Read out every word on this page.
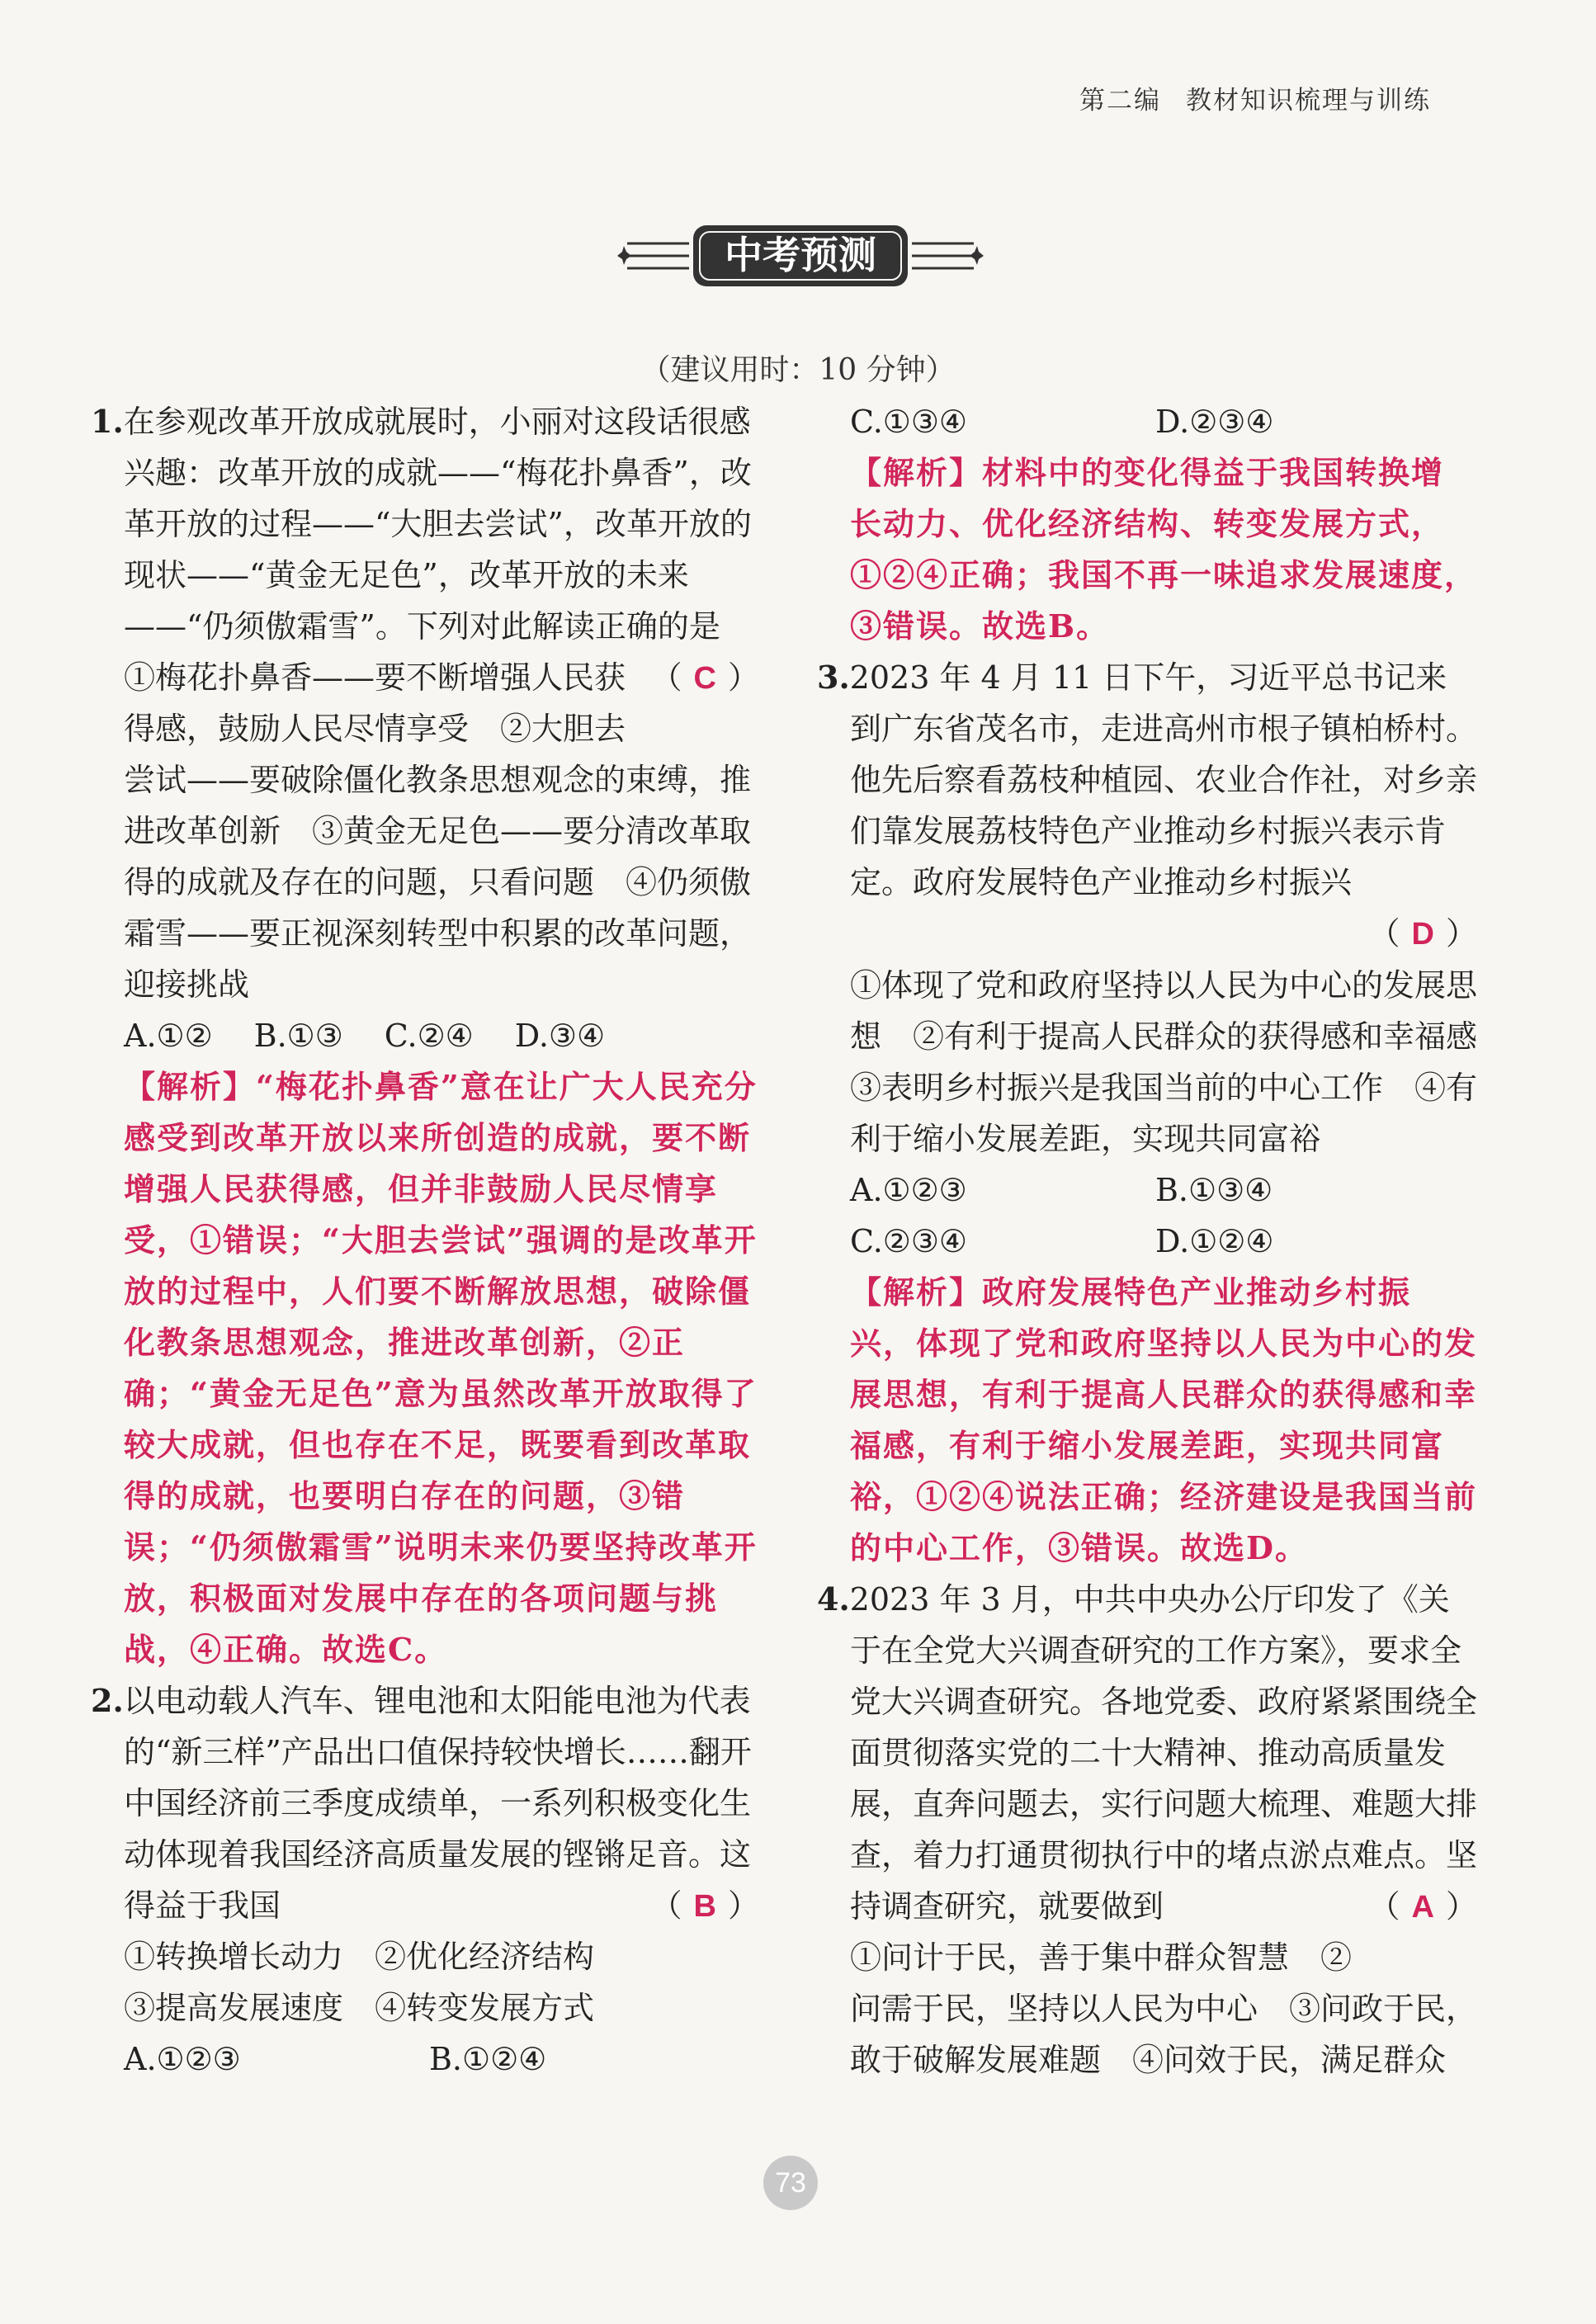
第二编 教材知识梳理与训练
中考预测
（建议用时：10 分钟）
1.在参观改革开放成就展时，小丽对这段话很感兴趣：改革开放的成就——“梅花扑鼻香”，改革开放的过程——“大胆去尝试”，改革开放的现状——“黄金无足色”，改革开放的未来——“仍须傲霜雪”。下列对此解读正确的是
（ C ）
①梅花扑鼻香——要不断增强人民获得感，鼓励人民尽情享受　②大胆去尝试——要破除僵化教条思想观念的束缚，推进改革创新　③黄金无足色——要分清改革取得的成就及存在的问题，只看问题　④仍须傲霜雪——要正视深刻转型中积累的改革问题，迎接挑战
A.①② B.①③ C.②④ D.③④
【解析】“梅花扑鼻香”意在让广大人民充分感受到改革开放以来所创造的成就，要不断增强人民获得感，但并非鼓励人民尽情享受，①错误；“大胆去尝试”强调的是改革开放的过程中，人们要不断解放思想，破除僵化教条思想观念，推进改革创新，②正确；“黄金无足色”意为虽然改革开放取得了较大成就，但也存在不足，既要看到改革取得的成就，也要明白存在的问题，③错误；“仍须傲霜雪”说明未来仍要坚持改革开放，积极面对发展中存在的各项问题与挑战，④正确。故选C。
2.以电动载人汽车、锂电池和太阳能电池为代表的“新三样”产品出口值保持较快增长……翻开中国经济前三季度成绩单，一系列积极变化生动体现着我国经济高质量发展的铿锵足音。这得益于我国	（ B ）
①转换增长动力　②优化经济结构　③提高发展速度　④转变发展方式
A.①②③	B.①②④
C.①③④	D.②③④
【解析】材料中的变化得益于我国转换增长动力、优化经济结构、转变发展方式，①②④正确；我国不再一味追求发展速度，③错误。故选B。
3.2023 年 4 月 11 日下午，习近平总书记来到广东省茂名市，走进高州市根子镇柏桥村。他先后察看荔枝种植园、农业合作社，对乡亲们靠发展荔枝特色产业推动乡村振兴表示肯定。政府发展特色产业推动乡村振兴
（ D ）
①体现了党和政府坚持以人民为中心的发展思想　②有利于提高人民群众的获得感和幸福感　③表明乡村振兴是我国当前的中心工作　④有利于缩小发展差距，实现共同富裕
A.①②③	B.①③④
C.②③④	D.①②④
【解析】政府发展特色产业推动乡村振兴，体现了党和政府坚持以人民为中心的发展思想，有利于提高人民群众的获得感和幸福感，有利于缩小发展差距，实现共同富裕，①②④说法正确；经济建设是我国当前的中心工作，③错误。故选D。
4.2023 年 3 月，中共中央办公厅印发了《关于在全党大兴调查研究的工作方案》，要求全党大兴调查研究。各地党委、政府紧紧围绕全面贯彻落实党的二十大精神、推动高质量发展，直奔问题去，实行问题大梳理、难题大排查，着力打通贯彻执行中的堵点淤点难点。坚持调查研究，就要做到	（ A ）
①问计于民，善于集中群众智慧　②问需于民，坚持以人民为中心　③问政于民，敢于破解发展难题　④问效于民，满足群众
73
